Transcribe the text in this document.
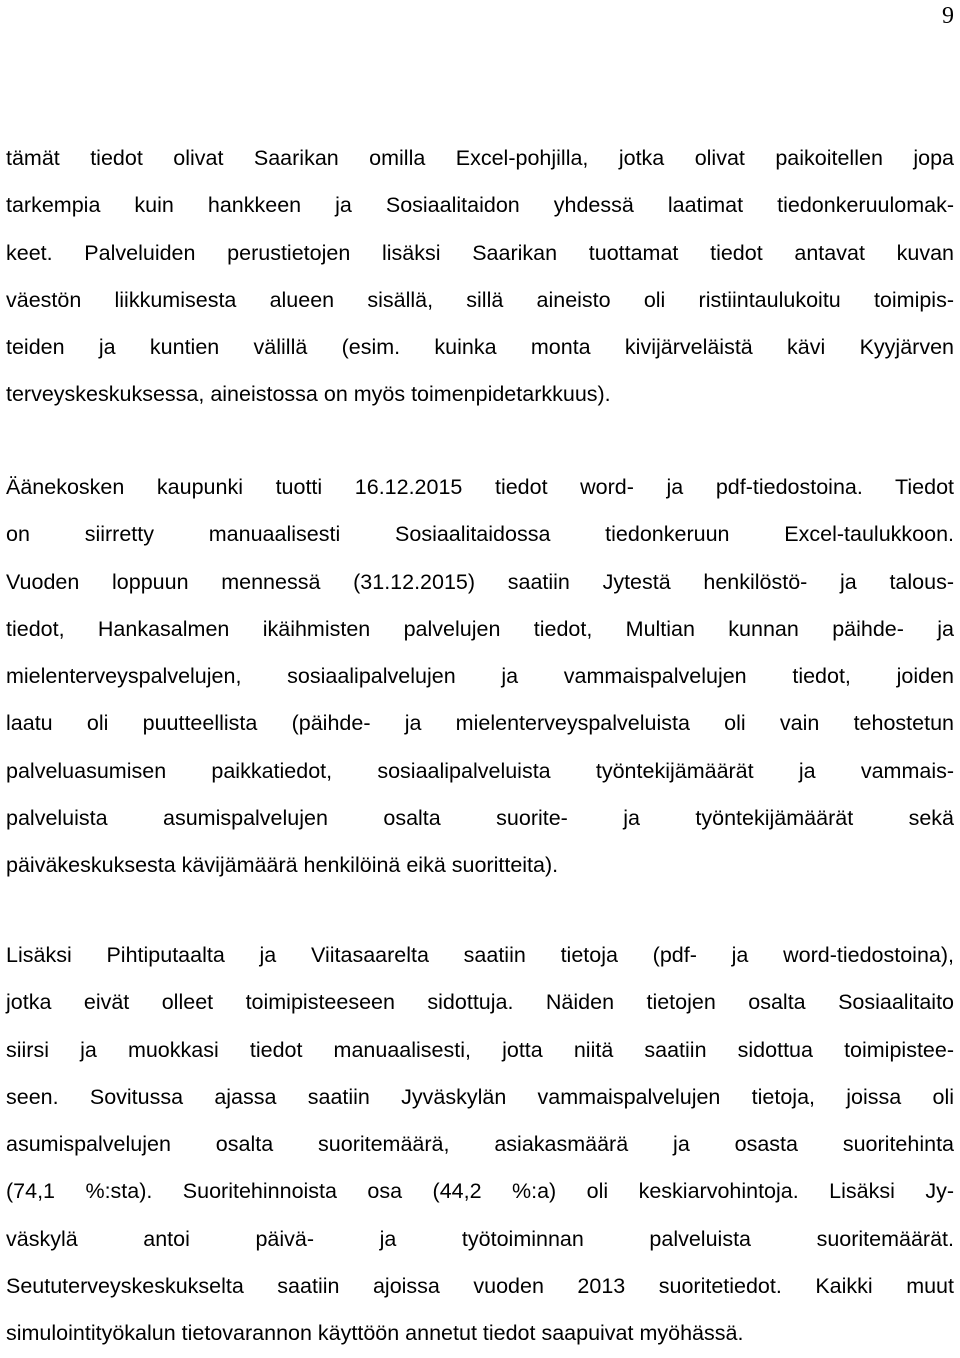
9
tämät tiedot olivat Saarikan omilla Excel-pohjilla, jotka olivat paikoitellen jopa
tarkempia kuin hankkeen ja Sosiaalitaidon yhdessä laatimat tiedonkeruulomak-
keet. Palveluiden perustietojen lisäksi Saarikan tuottamat tiedot antavat kuvan
väestön liikkumisesta alueen sisällä, sillä aineisto oli ristiintaulukoitu toimipis-
teiden ja kuntien välillä (esim. kuinka monta kivijärveläistä kävi Kyyjärven
terveyskeskuksessa, aineistossa on myös toimenpidetarkkuus).
Äänekosken kaupunki tuotti 16.12.2015 tiedot word- ja pdf-tiedostoina. Tiedot
on siirretty manuaalisesti Sosiaalitaidossa tiedonkeruun Excel-taulukkoon.
Vuoden loppuun mennessä (31.12.2015) saatiin Jytestä henkilöstö- ja talous-
tiedot, Hankasalmen ikäihmisten palvelujen tiedot, Multian kunnan päihde- ja
mielenterveyspalvelujen, sosiaalipalvelujen ja vammaispalvelujen tiedot, joiden
laatu oli puutteellista (päihde- ja mielenterveyspalveluista oli vain tehostetun
palveluasumisen paikkatiedot, sosiaalipalveluista työntekijämäärät ja vammais-
palveluista asumispalvelujen osalta suorite- ja työntekijämäärät sekä
päiväkeskuksesta kävijämäärä henkilöinä eikä suoritteita).
Lisäksi Pihtiputaalta ja Viitasaarelta saatiin tietoja (pdf- ja word-tiedostoina),
jotka eivät olleet toimipisteeseen sidottuja. Näiden tietojen osalta Sosiaalitaito
siirsi ja muokkasi tiedot manuaalisesti, jotta niitä saatiin sidottua toimipistee-
seen. Sovitussa ajassa saatiin Jyväskylän vammaispalvelujen tietoja, joissa oli
asumispalvelujen osalta suoritemäärä, asiakasmäärä ja osasta suoritehinta
(74,1 %:sta). Suoritehinnoista osa (44,2 %:a) oli keskiarvohintoja. Lisäksi Jy-
väskylä antoi päivä- ja työtoiminnan palveluista suoritemäärät.
Seututerveyskeskukselta saatiin ajoissa vuoden 2013 suoritetiedot. Kaikki muut
simulointityökalun tietovarannon käyttöön annetut tiedot saapuivat myöhässä.
